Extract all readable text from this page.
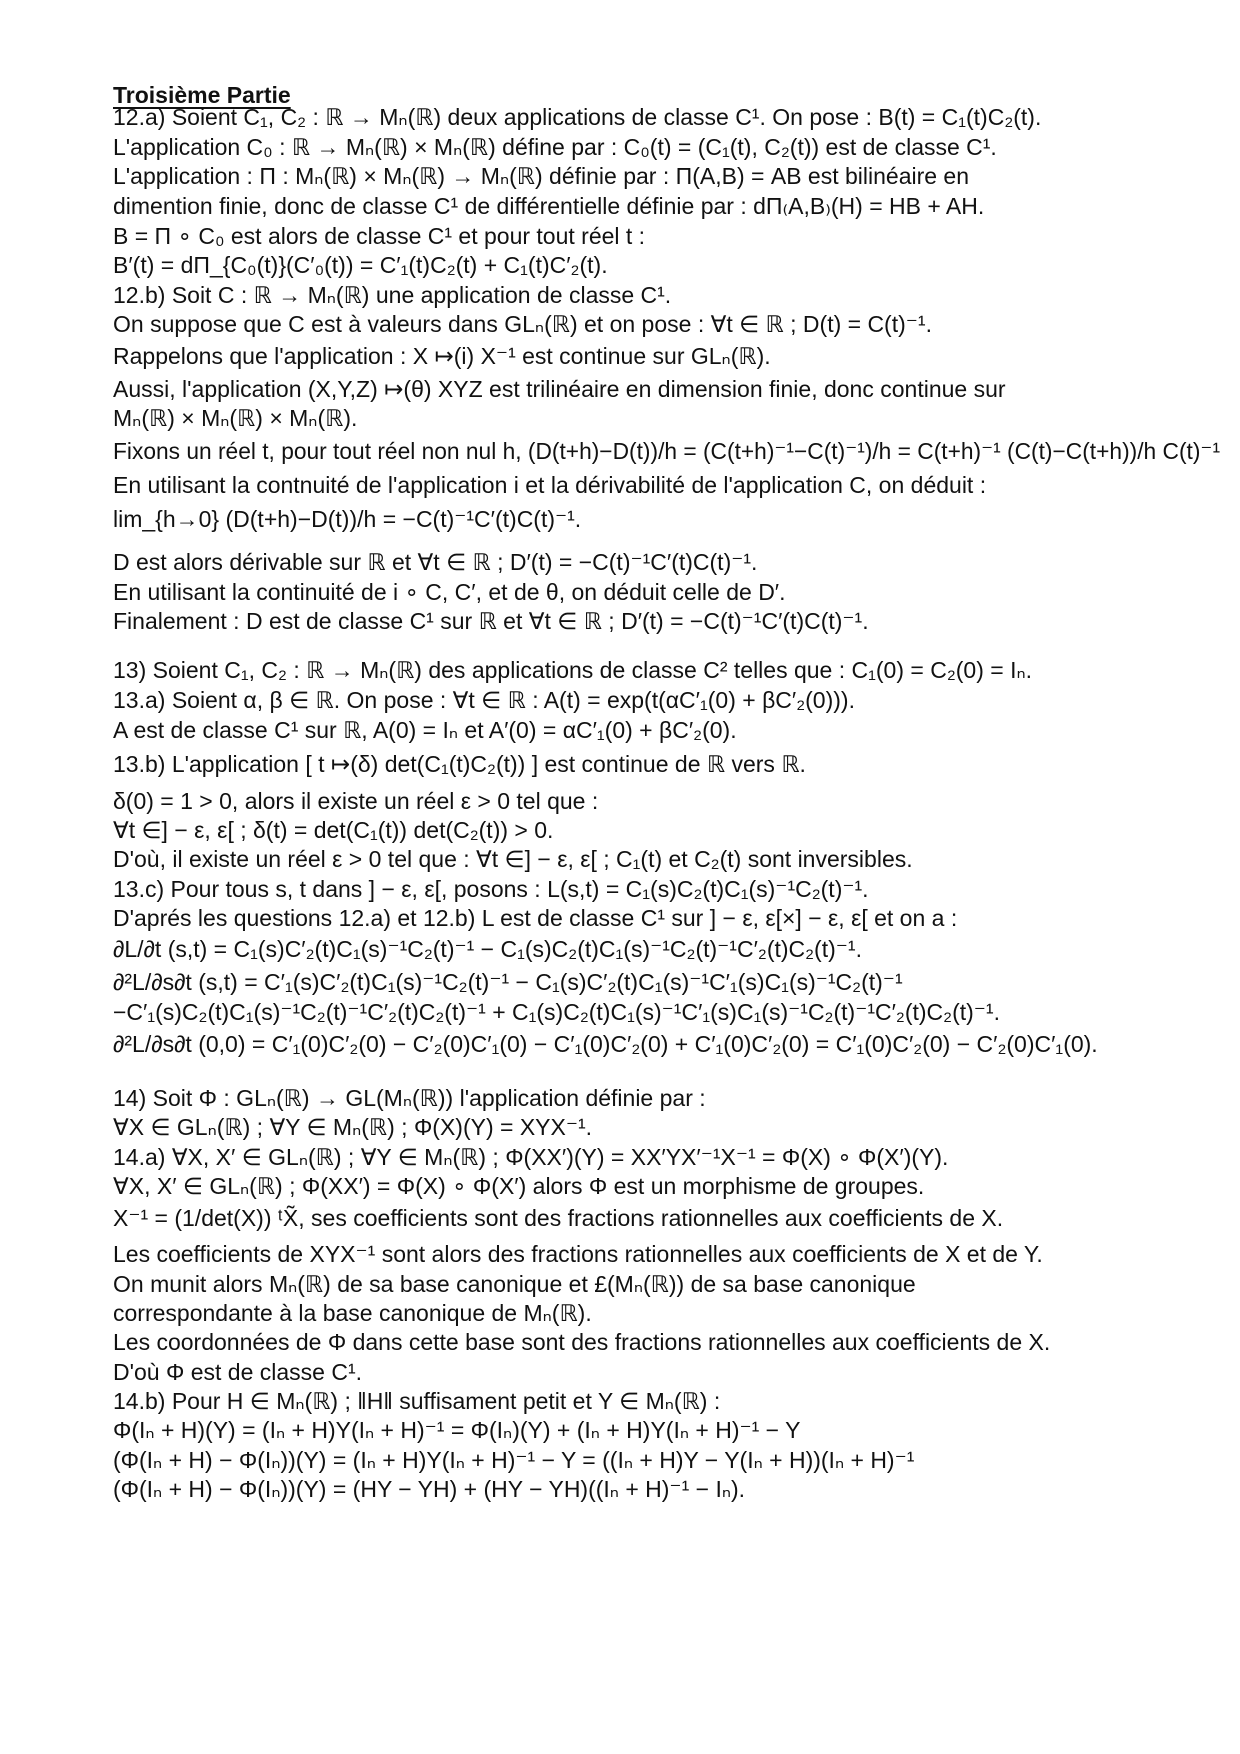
Troisième Partie

12.a) Soient C₁, C₂ : ℝ → Mₙ(ℝ) deux applications de classe C¹. On pose : B(t) = C₁(t)C₂(t).

L'application C₀ : ℝ → Mₙ(ℝ) × Mₙ(ℝ) défine par : C₀(t) = (C₁(t), C₂(t)) est de classe C¹.

L'application : Π : Mₙ(ℝ) × Mₙ(ℝ) → Mₙ(ℝ) définie par : Π(A,B) = AB est bilinéaire en

dimention finie, donc de classe C¹ de différentielle définie par : dΠ₍A,B₎(H) = HB + AH.

B = Π ∘ C₀ est alors de classe C¹ et pour tout réel t :

B′(t) = dΠ_{C₀(t)}(C′₀(t)) = C′₁(t)C₂(t) + C₁(t)C′₂(t).

12.b) Soit C : ℝ → Mₙ(ℝ) une application de classe C¹.

On suppose que C est à valeurs dans GLₙ(ℝ) et on pose : ∀t ∈ ℝ ; D(t) = C(t)⁻¹.

Rappelons que l'application : X ↦(i) X⁻¹ est continue sur GLₙ(ℝ).

Aussi, l'application (X,Y,Z) ↦(θ) XYZ est trilinéaire en dimension finie, donc continue sur

Mₙ(ℝ) × Mₙ(ℝ) × Mₙ(ℝ).

Fixons un réel t, pour tout réel non nul h, (D(t+h)−D(t))/h = (C(t+h)⁻¹−C(t)⁻¹)/h = C(t+h)⁻¹ (C(t)−C(t+h))/h C(t)⁻¹

En utilisant la contnuité de l'application i et la dérivabilité de l'application C, on déduit :

lim_{h→0} (D(t+h)−D(t))/h = −C(t)⁻¹C′(t)C(t)⁻¹.

D est alors dérivable sur ℝ et ∀t ∈ ℝ ; D′(t) = −C(t)⁻¹C′(t)C(t)⁻¹.

En utilisant la continuité de i ∘ C, C′, et de θ, on déduit celle de D′.

Finalement : D est de classe C¹ sur ℝ et ∀t ∈ ℝ ; D′(t) = −C(t)⁻¹C′(t)C(t)⁻¹.

13) Soient C₁, C₂ : ℝ → Mₙ(ℝ) des applications de classe C² telles que : C₁(0) = C₂(0) = Iₙ.

13.a) Soient α, β ∈ ℝ. On pose : ∀t ∈ ℝ : A(t) = exp(t(αC′₁(0) + βC′₂(0))).

A est de classe C¹ sur ℝ, A(0) = Iₙ et A′(0) = αC′₁(0) + βC′₂(0).

13.b) L'application [ t ↦(δ) det(C₁(t)C₂(t)) ] est continue de ℝ vers ℝ.

δ(0) = 1 > 0, alors il existe un réel ε > 0 tel que :

∀t ∈] − ε, ε[ ; δ(t) = det(C₁(t)) det(C₂(t)) > 0.

D'où, il existe un réel ε > 0 tel que : ∀t ∈] − ε, ε[ ; C₁(t) et C₂(t) sont inversibles.

13.c) Pour tous s, t dans ] − ε, ε[, posons : L(s,t) = C₁(s)C₂(t)C₁(s)⁻¹C₂(t)⁻¹.

D'aprés les questions 12.a) et 12.b) L est de classe C¹ sur ] − ε, ε[×] − ε, ε[ et on a :

∂L/∂t (s,t) = C₁(s)C′₂(t)C₁(s)⁻¹C₂(t)⁻¹ − C₁(s)C₂(t)C₁(s)⁻¹C₂(t)⁻¹C′₂(t)C₂(t)⁻¹.

∂²L/∂s∂t (s,t) = C′₁(s)C′₂(t)C₁(s)⁻¹C₂(t)⁻¹ − C₁(s)C′₂(t)C₁(s)⁻¹C′₁(s)C₁(s)⁻¹C₂(t)⁻¹

−C′₁(s)C₂(t)C₁(s)⁻¹C₂(t)⁻¹C′₂(t)C₂(t)⁻¹ + C₁(s)C₂(t)C₁(s)⁻¹C′₁(s)C₁(s)⁻¹C₂(t)⁻¹C′₂(t)C₂(t)⁻¹.

∂²L/∂s∂t (0,0) = C′₁(0)C′₂(0) − C′₂(0)C′₁(0) − C′₁(0)C′₂(0) + C′₁(0)C′₂(0) = C′₁(0)C′₂(0) − C′₂(0)C′₁(0).

14) Soit Φ : GLₙ(ℝ) → GL(Mₙ(ℝ)) l'application définie par :

∀X ∈ GLₙ(ℝ) ; ∀Y ∈ Mₙ(ℝ) ; Φ(X)(Y) = XYX⁻¹.

14.a) ∀X, X′ ∈ GLₙ(ℝ) ; ∀Y ∈ Mₙ(ℝ) ; Φ(XX′)(Y) = XX′YX′⁻¹X⁻¹ = Φ(X) ∘ Φ(X′)(Y).

∀X, X′ ∈ GLₙ(ℝ) ; Φ(XX′) = Φ(X) ∘ Φ(X′) alors Φ est un morphisme de groupes.

X⁻¹ = (1/det(X)) ᵗX̃, ses coefficients sont des fractions rationnelles aux coefficients de X.

Les coefficients de XYX⁻¹ sont alors des fractions rationnelles aux coefficients de X et de Y.

On munit alors Mₙ(ℝ) de sa base canonique et £(Mₙ(ℝ)) de sa base canonique

correspondante à la base canonique de Mₙ(ℝ).

Les coordonnées de Φ dans cette base sont des fractions rationnelles aux coefficients de X.

D'où Φ est de classe C¹.

14.b) Pour H ∈ Mₙ(ℝ) ; ‖H‖ suffisament petit et Y ∈ Mₙ(ℝ) :

Φ(Iₙ + H)(Y) = (Iₙ + H)Y(Iₙ + H)⁻¹ = Φ(Iₙ)(Y) + (Iₙ + H)Y(Iₙ + H)⁻¹ − Y

(Φ(Iₙ + H) − Φ(Iₙ))(Y) = (Iₙ + H)Y(Iₙ + H)⁻¹ − Y = ((Iₙ + H)Y − Y(Iₙ + H))(Iₙ + H)⁻¹

(Φ(Iₙ + H) − Φ(Iₙ))(Y) = (HY − YH) + (HY − YH)((Iₙ + H)⁻¹ − Iₙ).
